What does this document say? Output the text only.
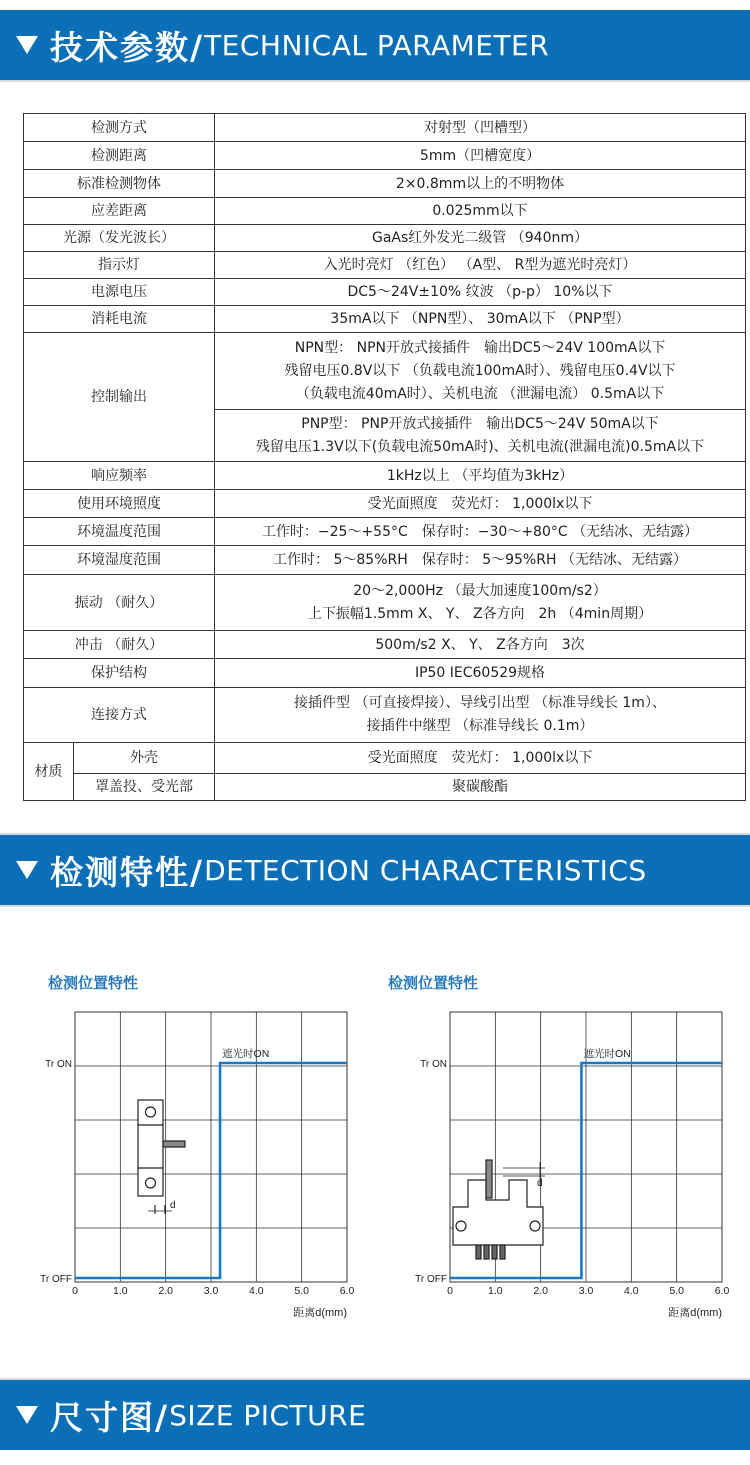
技术参数/ TECHNICAL PARAMETER
检测方式		对射型（凹槽型）
检测距离		5mm（凹槽宽度）
标准检测物体		2×0.8mm以上的不明物体
应差距离		0.025mm以下
光源（发光波长）		GaAs红外发光二级管 （940nm）
指示灯		入光时亮灯 （红色） （A型、 R型为遮光时亮灯）
电源电压		DC5～24V±10% 纹波 （p-p） 10%以下
消耗电流		35mA以下 （NPN型）、 30mA以下 （PNP型）
控制输出		NPN型： NPN开放式接插件　输出DC5～24V 100mA以下
残留电压0.8V以下 （负载电流100mA时）、残留电压0.4V以下
（负载电流40mA时）、关机电流 （泄漏电流） 0.5mA以下

		PNP型： PNP开放式接插件　输出DC5～24V 50mA以下
残留电压1.3V以下(负载电流50mA时)、关机电流(泄漏电流)0.5mA以下

响应频率		1kHz以上 （平均值为3kHz）
使用环境照度		受光面照度　荧光灯： 1,000lx以下
环境温度范围		工作时：−25～+55°C　保存时：−30～+80°C （无结冰、无结露）
环境湿度范围		工作时： 5～85%RH　保存时： 5～95%RH （无结冰、无结露）
振动 （耐久）		20～2,000Hz （最大加速度100m/s2）
上下振幅1.5mm X、 Y、 Z各方向　2h （4min周期）

冲击 （耐久）		500m/s2 X、 Y、 Z各方向　3次
保护结构		IP50 IEC60529规格
连接方式		接插件型 （可直接焊接）、导线引出型 （标准导线长 1m）、
接插件中继型 （标准导线长 0.1m）

材质	外壳	受光面照度　荧光灯： 1,000lx以下
	罩盖投、受光部	聚碳酸酯
检测特性/ DETECTION CHARACTERISTICS
检测位置特性
0	1.0	2.0	3.0	4.0	5.0	6.0
Tr ON
Tr OFF
距离d(mm)
遮光时ON
d
检测位置特性
0	1.0	2.0	3.0	4.0	5.0	6.0
Tr ON
Tr OFF
距离d(mm)
遮光时ON
d
尺寸图/ SIZE PICTURE
